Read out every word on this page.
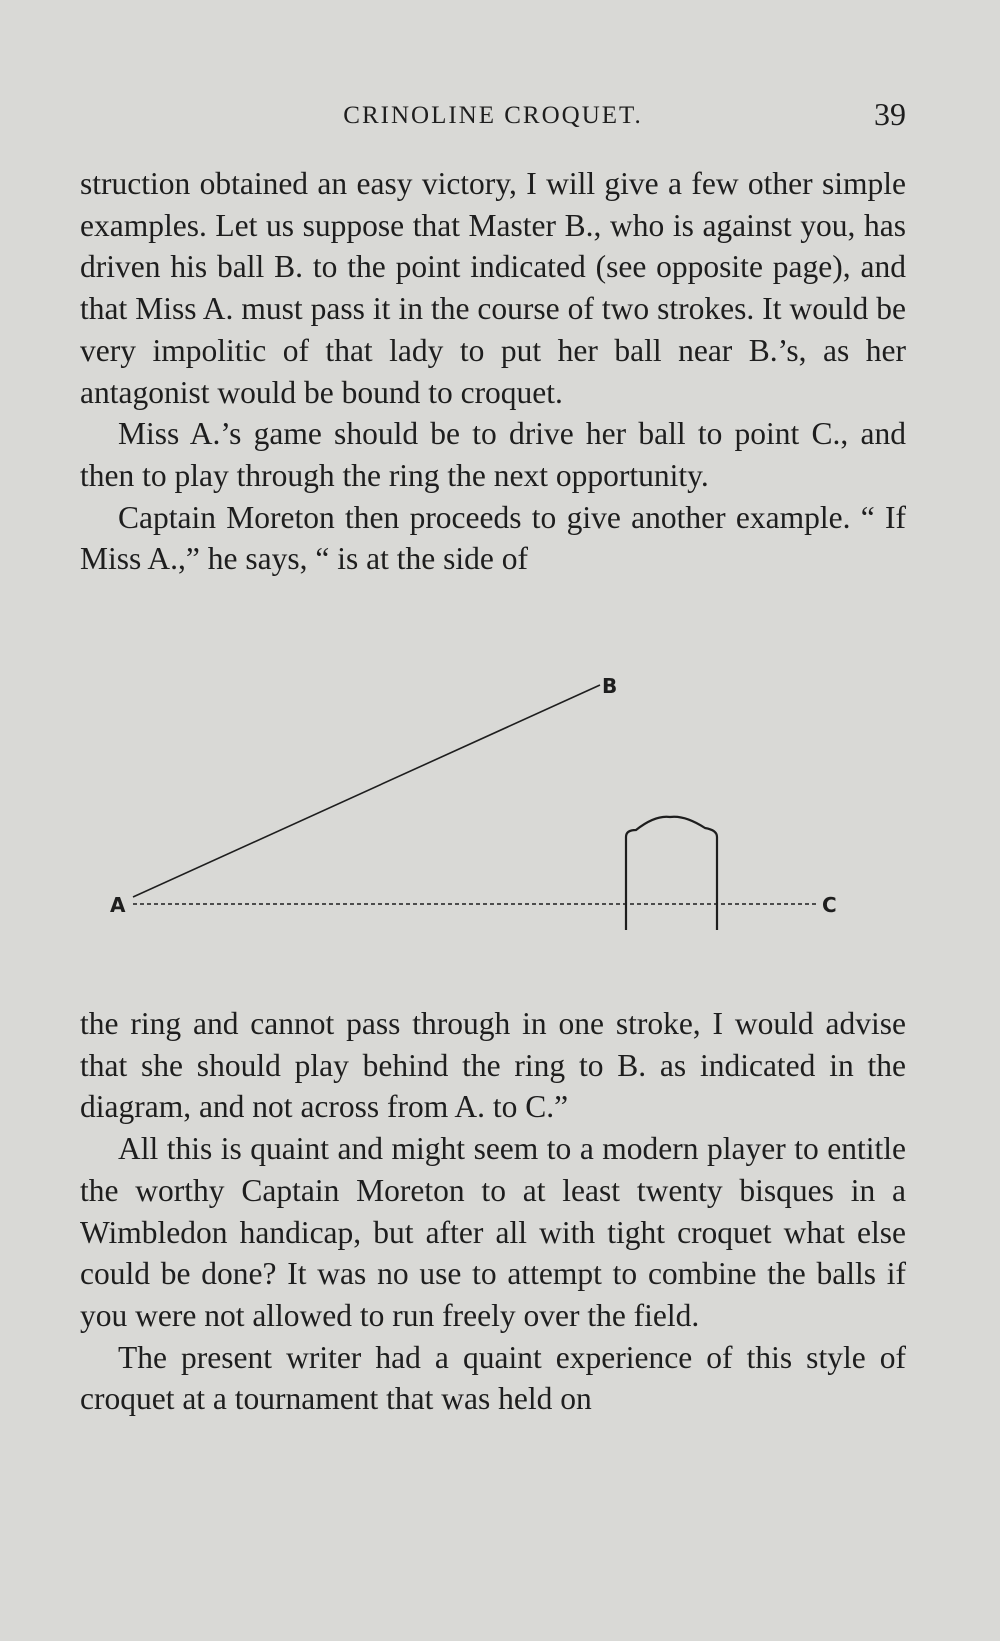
CRINOLINE CROQUET.	39

struction obtained an easy victory, I will give a few other simple examples. Let us suppose that Master B., who is against you, has driven his ball B. to the point indicated (see opposite page), and that Miss A. must pass it in the course of two strokes. It would be very impolitic of that lady to put her ball near B.’s, as her antagonist would be bound to croquet.

Miss A.’s game should be to drive her ball to point C., and then to play through the ring the next opportunity.

Captain Moreton then proceeds to give another example. “ If Miss A.,” he says, “ is at the side of

A
B
C

the ring and cannot pass through in one stroke, I would advise that she should play behind the ring to B. as indicated in the diagram, and not across from A. to C.”

All this is quaint and might seem to a modern player to entitle the worthy Captain Moreton to at least twenty bisques in a Wimbledon handicap, but after all with tight croquet what else could be done? It was no use to attempt to combine the balls if you were not allowed to run freely over the field.

The present writer had a quaint experience of this style of croquet at a tournament that was held on
